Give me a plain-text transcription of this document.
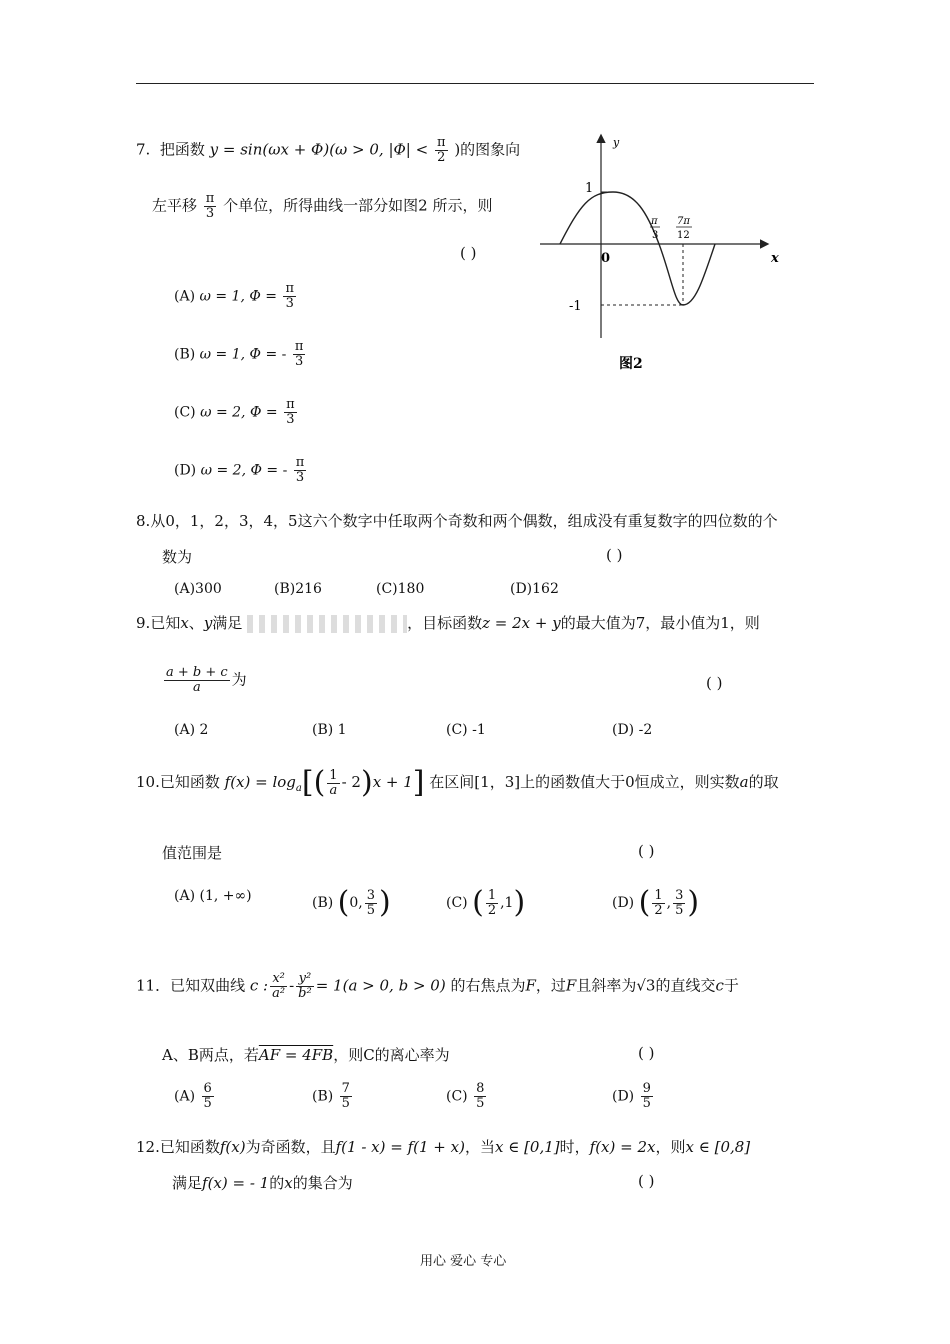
7. 把函数 y = sin(ωx + Φ)(ω > 0, $|\Phi| < \frac{\pi}{2}$ )的图象向
左平移 $\frac{\pi}{3}$ 个单位，所得曲线一部分如图2 所示，则
( )
(A) ω = 1, $\Phi = \frac{\pi}{3}$
(B) ω = 1, Φ = - $\frac{\pi}{3}$
(C) ω = 2, $\Phi = \frac{\pi}{3}$
(D) ω = 2, Φ = - $\frac{\pi}{3}$
y
x
0
1
-1
π
3
7π
12
图2
8.从0，1，2，3，4，5这六个数字中任取两个奇数和两个偶数，组成没有重复数字的四位数的个
数为	( )
(A)300	(B)216	(C)180	(D)162
9.已知x、y满足	，目标函数z = 2x + y的最大值为7，最小值为1，则
$\frac{a + b + c}{a}$ 为	( )
(A) 2	(B) 1	(C) -1	(D) -2
10.已知函数 $f(x) = \log_a[( \frac{1}{a} - 2)x + 1]$ 在区间[1，3]上的函数值大于0恒成立，则实数a的取
值范围是	( )
(A) (1, +∞)	(B) (0, $\frac{3}{5}$ )	(C) ( $\frac{1}{2} ,1$)	(D) ( $\frac{1}{2}$ , $\frac{3}{5}$ )
11．已知双曲线 c : $\frac{\text{x²}}{\text{a²}} - \frac{\text{y²}}{\text{b²}} = 1(a > 0$, b > 0) 的右焦点为F，过F且斜率为√3的直线交c于
A、B两点，若AF = 4FB，则C的离心率为	( )
$(A) \frac{6}{5}$	$(B) \frac{7}{5}$	$(C) \frac{8}{5}$	$(D) \frac{9}{5}$
12.已知函数f(x)为奇函数，且f(1 - x) = f(1 + x)，当x ∈ [0,1]时，f(x) = 2x，则x ∈ [0,8]
满足f(x) = - 1的x的集合为	( )
用心 爱心 专心
